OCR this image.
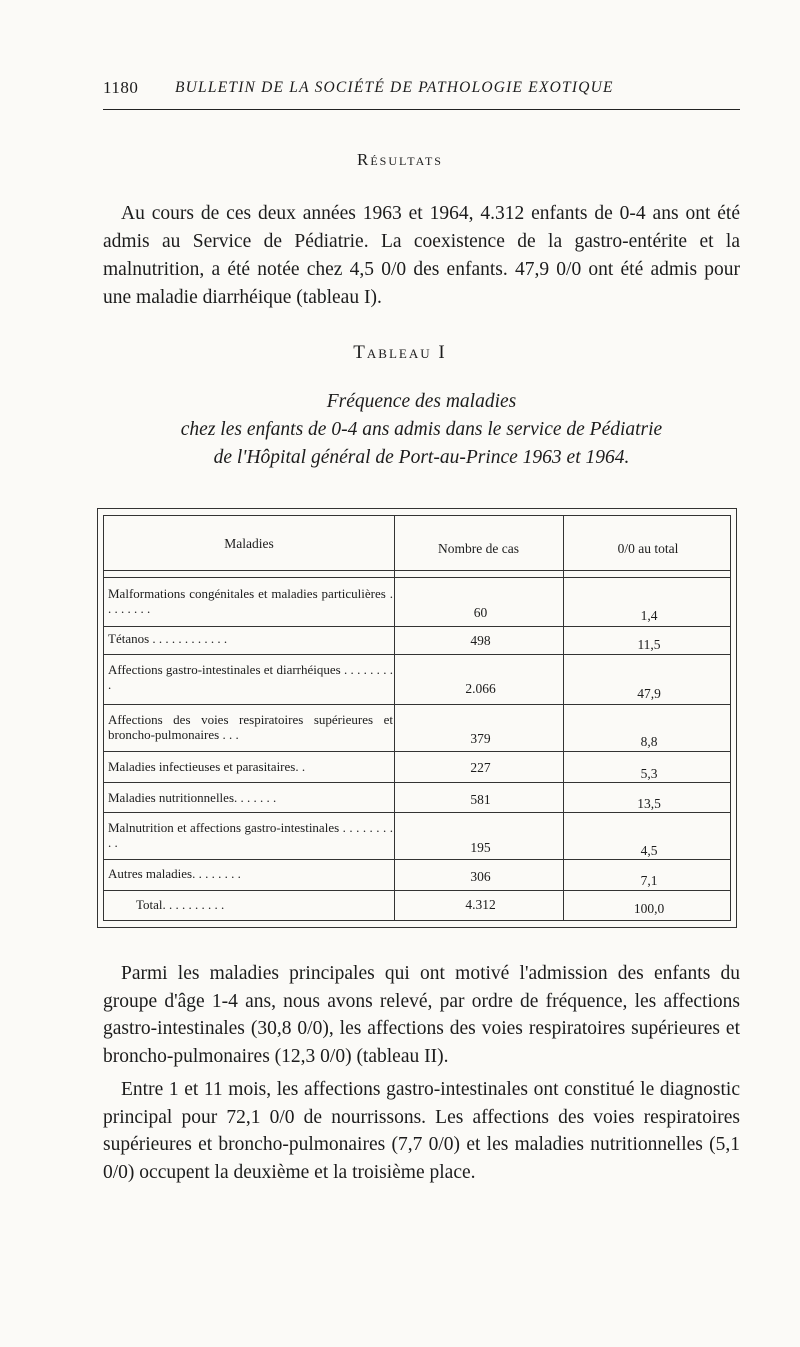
1180 BULLETIN DE LA SOCIÉTÉ DE PATHOLOGIE EXOTIQUE
Résultats

Au cours de ces deux années 1963 et 1964, 4.312 enfants de 0-4 ans ont été admis au Service de Pédiatrie. La coexistence de la gastro-entérite et la malnutrition, a été notée chez 4,5 0/0 des enfants. 47,9 0/0 ont été admis pour une maladie diarrhéique (tableau I).

Tableau I
Fréquence des maladies
chez les enfants de 0-4 ans admis dans le service de Pédiatrie
de l'Hôpital général de Port-au-Prince 1963 et 1964.
Maladies	Nombre de cas	0/0 au total
Malformations congénitales et maladies particulières . . . . . . . .	60	1,4
Tétanos . . . . . . . . . . . .	498	11,5
Affections gastro-intestinales et diarrhéiques . . . . . . . . .	2.066	47,9
Affections des voies respiratoires supérieures et broncho-pulmonaires . . .	379	8,8
Maladies infectieuses et parasitaires. .	227	5,3
Maladies nutritionnelles. . . . . . .	581	13,5
Malnutrition et affections gastro-intestinales . . . . . . . . . .	195	4,5
Autres maladies. . . . . . . .	306	7,1
Total. . . . . . . . . .	4.312	100,0

Parmi les maladies principales qui ont motivé l'admission des enfants du groupe d'âge 1-4 ans, nous avons relevé, par ordre de fréquence, les affections gastro-intestinales (30,8 0/0), les affections des voies respiratoires supérieures et broncho-pulmonaires (12,3 0/0) (tableau II).

Entre 1 et 11 mois, les affections gastro-intestinales ont constitué le diagnostic principal pour 72,1 0/0 de nourrissons. Les affections des voies respiratoires supérieures et broncho-pulmonaires (7,7 0/0) et les maladies nutritionnelles (5,1 0/0) occupent la deuxième et la troisième place.
